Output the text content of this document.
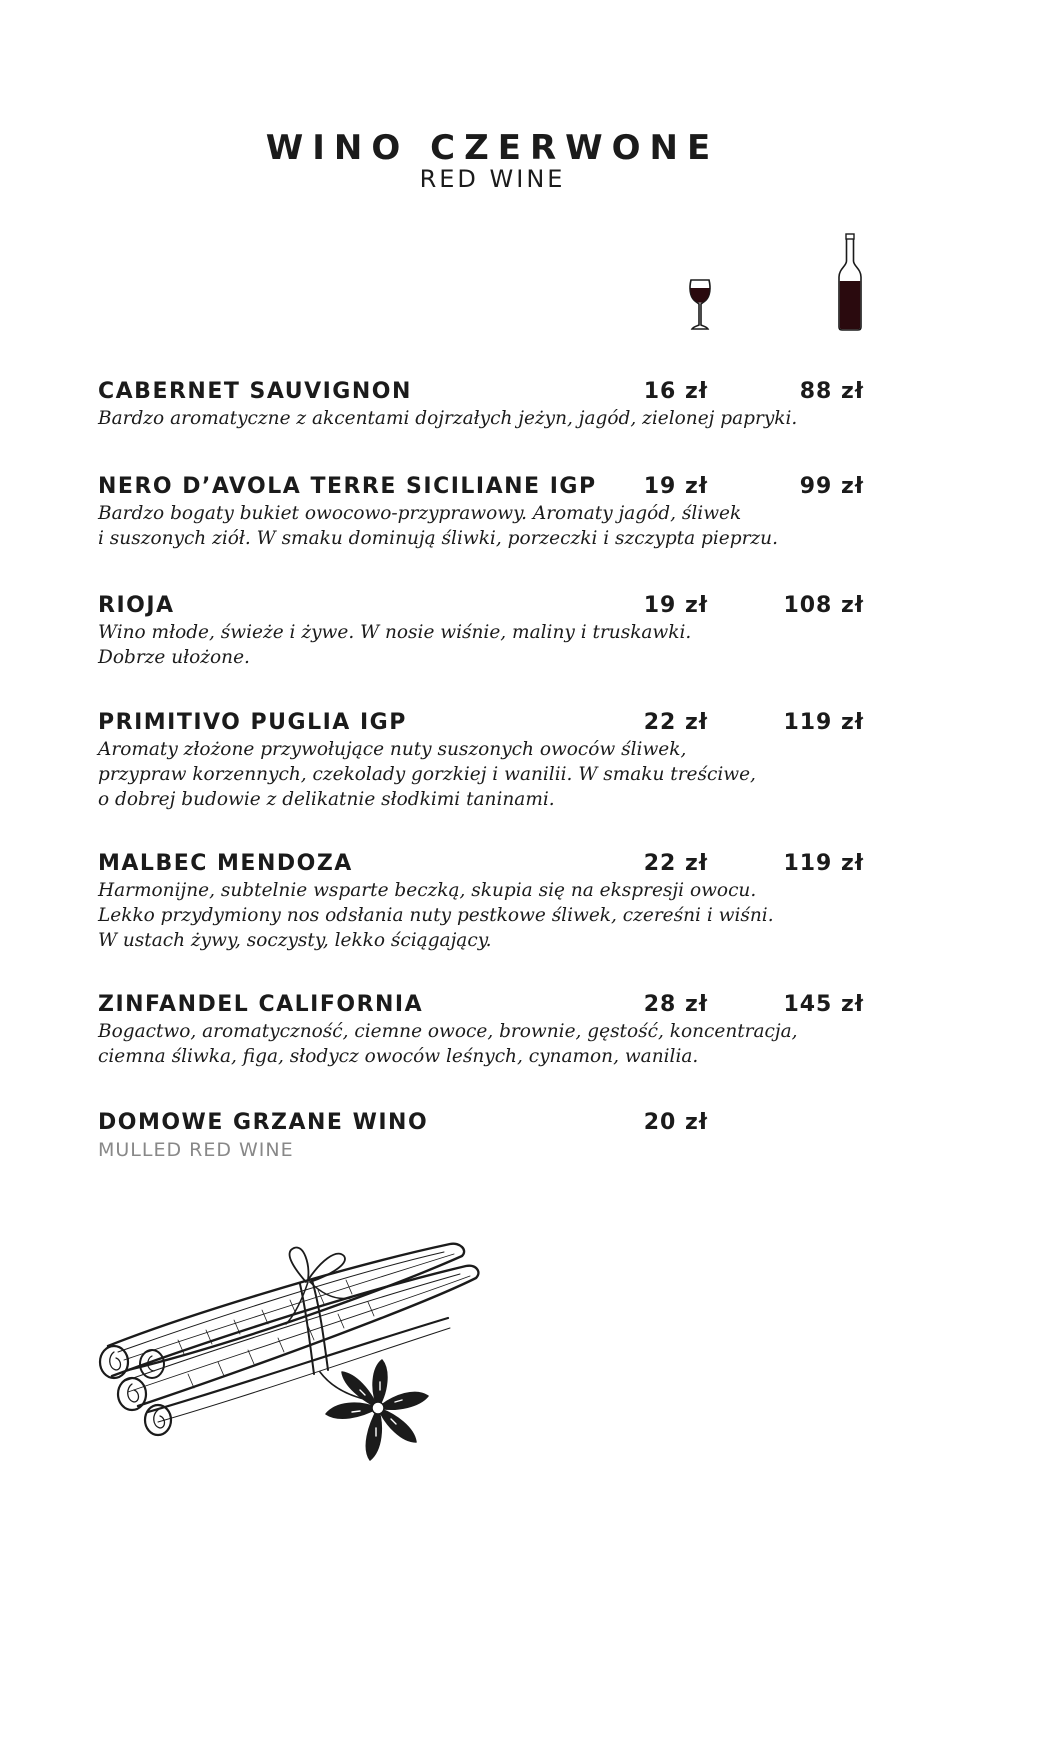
WINO CZERWONE
RED WINE
CABERNET SAUVIGNON	16 zł	88 zł
Bardzo aromatyczne z akcentami dojrzałych jeżyn, jagód, zielonej papryki.
NERO D’AVOLA TERRE SICILIANE IGP	19 zł	99 zł
Bardzo bogaty bukiet owocowo-przyprawowy. Aromaty jagód, śliwek
i suszonych ziół. W smaku dominują śliwki, porzeczki i szczypta pieprzu.
RIOJA	19 zł	108 zł
Wino młode, świeże i żywe. W nosie wiśnie, maliny i truskawki.
Dobrze ułożone.
PRIMITIVO PUGLIA IGP	22 zł	119 zł
Aromaty złożone przywołujące nuty suszonych owoców śliwek,
przypraw korzennych, czekolady gorzkiej i wanilii. W smaku treściwe,
o dobrej budowie z delikatnie słodkimi taninami.
MALBEC MENDOZA	22 zł	119 zł
Harmonijne, subtelnie wsparte beczką, skupia się na ekspresji owocu.
Lekko przydymiony nos odsłania nuty pestkowe śliwek, czereśni i wiśni.
W ustach żywy, soczysty, lekko ściągający.
ZINFANDEL CALIFORNIA	28 zł	145 zł
Bogactwo, aromatyczność, ciemne owoce, brownie, gęstość, koncentracja,
ciemna śliwka, figa, słodycz owoców leśnych, cynamon, wanilia.
DOMOWE GRZANE WINO	20 zł
MULLED RED WINE
